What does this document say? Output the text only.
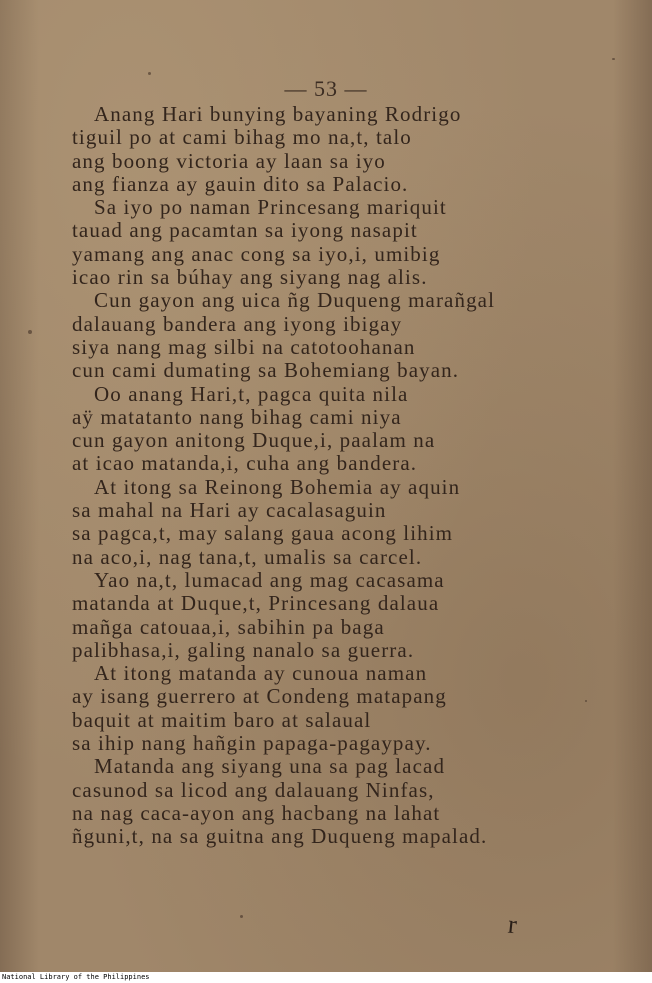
— 53 —
Anang Hari bunying bayaning Rodrigo
tiguil po at cami bihag mo na,t, talo
ang boong victoria ay laan sa iyo
ang fianza ay gauin dito sa Palacio.
Sa iyo po naman Princesang mariquit
tauad ang pacamtan sa iyong nasapit
yamang ang anac cong sa iyo,i, umibig
icao rin sa búhay ang siyang nag alis.
Cun gayon ang uica ñg Duqueng marañgal
dalauang bandera ang iyong ibigay
siya nang mag silbi na catotoohanan
cun cami dumating sa Bohemiang bayan.
Oo anang Hari,t, pagca quita nila
aÿ matatanto nang bihag cami niya
cun gayon anitong Duque,i, paalam na
at icao matanda,i, cuha ang bandera.
At itong sa Reinong Bohemia ay aquin
sa mahal na Hari ay cacalasaguin
sa pagca,t, may salang gaua acong lihim
na aco,i, nag tana,t, umalis sa carcel.
Yao na,t, lumacad ang mag cacasama
matanda at Duque,t, Princesang dalaua
mañga catouaa,i, sabihin pa baga
palibhasa,i, galing nanalo sa guerra.
At itong matanda ay cunoua naman
ay isang guerrero at Condeng matapang
baquit at maitim baro at salaual
sa ihip nang hañgin papaga-pagaypay.
Matanda ang siyang una sa pag lacad
casunod sa licod ang dalauang Ninfas,
na nag caca-ayon ang hacbang na lahat
ñguni,t, na sa guitna ang Duqueng mapalad.
r
National Library of the Philippines
